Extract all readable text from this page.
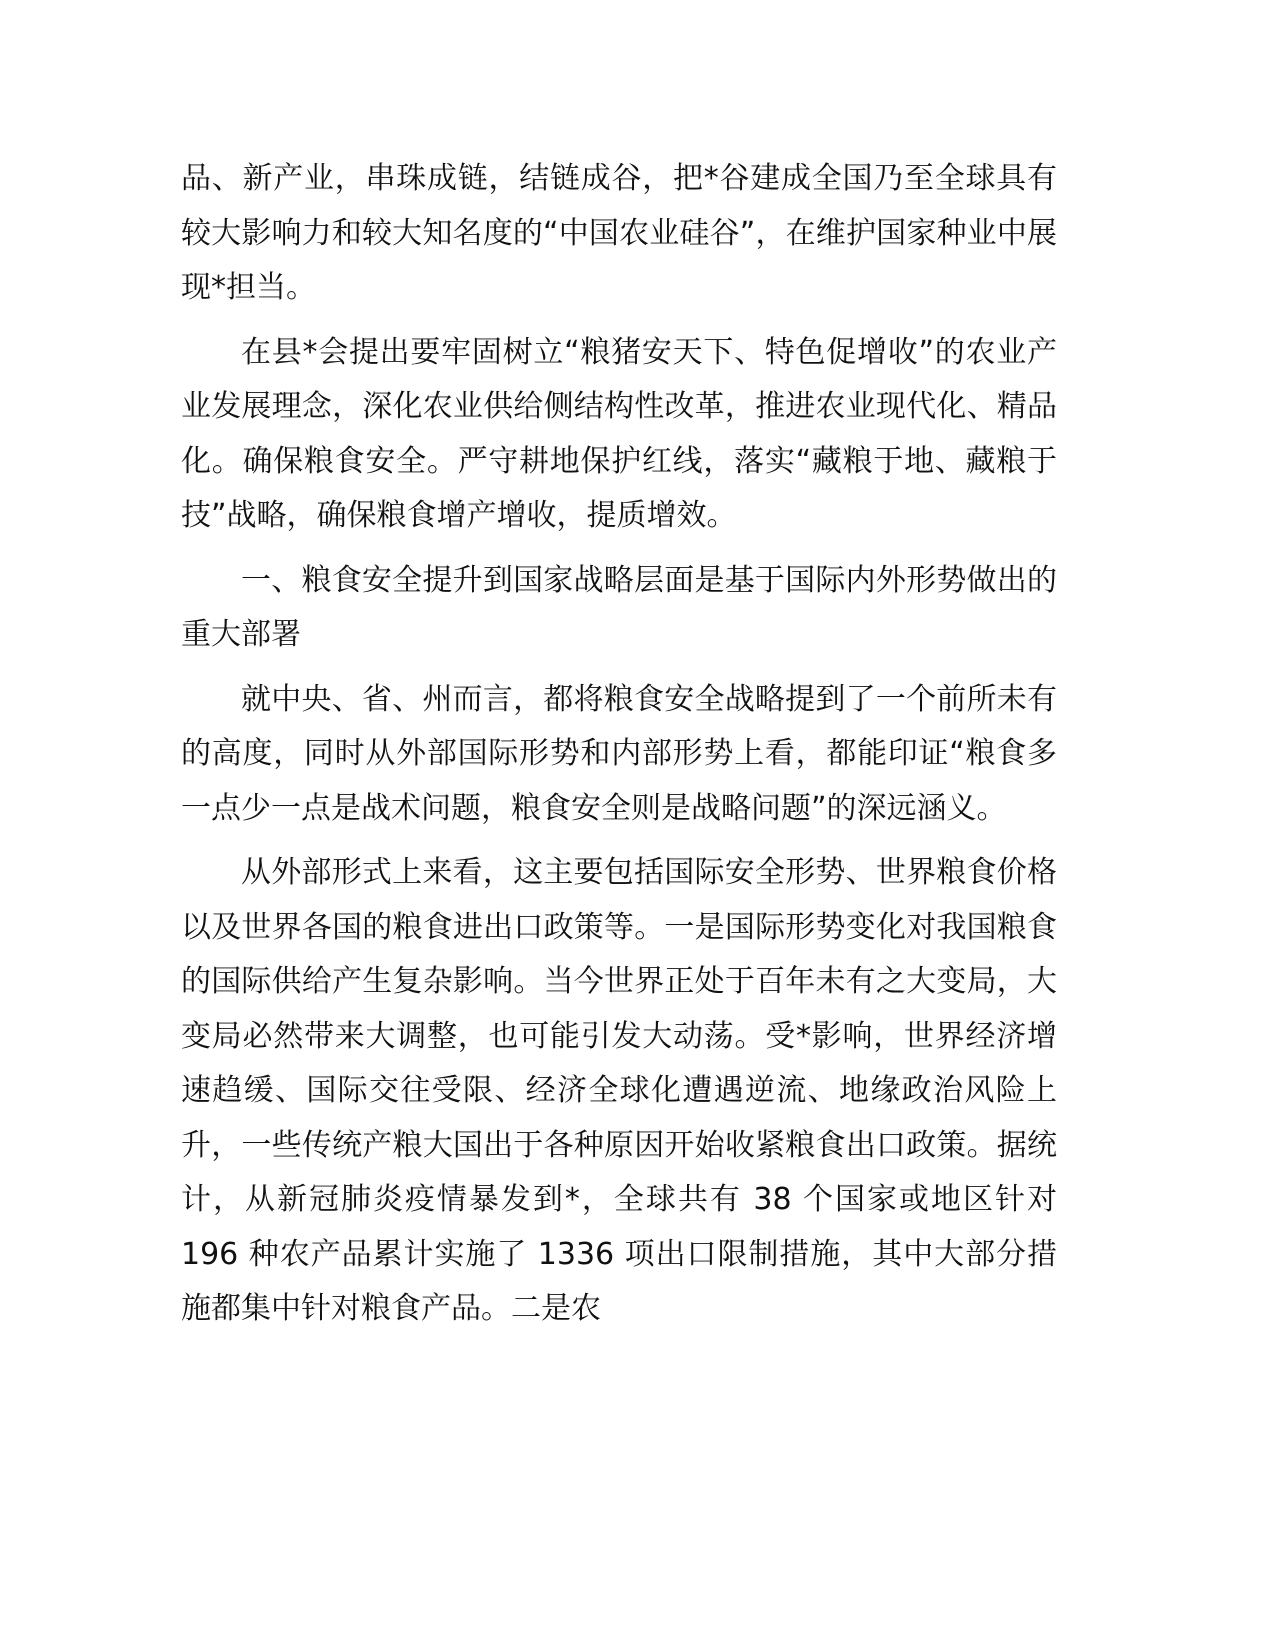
品、新产业，串珠成链，结链成谷，把*谷建成全国乃至全球具有较大影响力和较大知名度的“中国农业硅谷”，在维护国家种业中展现*担当。

在县*会提出要牢固树立“粮猪安天下、特色促增收”的农业产业发展理念，深化农业供给侧结构性改革，推进农业现代化、精品化。确保粮食安全。严守耕地保护红线，落实“藏粮于地、藏粮于技”战略，确保粮食增产增收，提质增效。

一、粮食安全提升到国家战略层面是基于国际内外形势做出的重大部署

就中央、省、州而言，都将粮食安全战略提到了一个前所未有的高度，同时从外部国际形势和内部形势上看，都能印证“粮食多一点少一点是战术问题，粮食安全则是战略问题”的深远涵义。

从外部形式上来看，这主要包括国际安全形势、世界粮食价格以及世界各国的粮食进出口政策等。一是国际形势变化对我国粮食的国际供给产生复杂影响。当今世界正处于百年未有之大变局，大变局必然带来大调整，也可能引发大动荡。受*影响，世界经济增速趋缓、国际交往受限、经济全球化遭遇逆流、地缘政治风险上升，一些传统产粮大国出于各种原因开始收紧粮食出口政策。据统计，从新冠肺炎疫情暴发到*，全球共有 38 个国家或地区针对 196 种农产品累计实施了 1336 项出口限制措施，其中大部分措施都集中针对粮食产品。二是农
